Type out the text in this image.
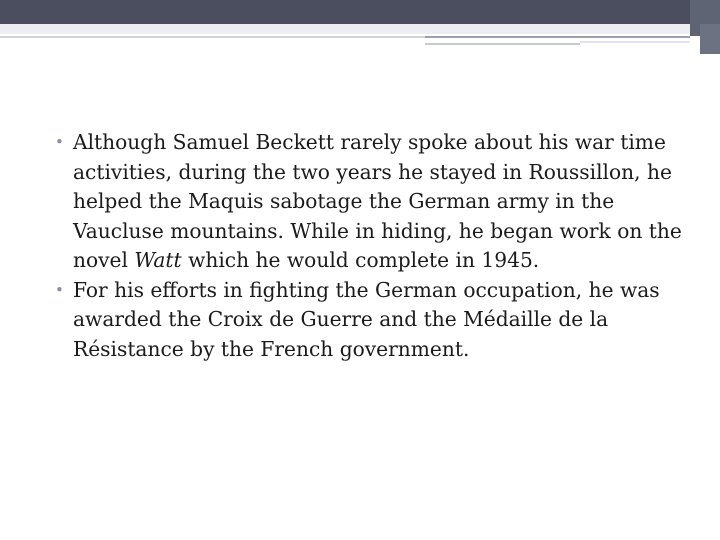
• Although Samuel Beckett rarely spoke about his war time activities, during the two years he stayed in Roussillon, he helped the Maquis sabotage the German army in the Vaucluse mountains. While in hiding, he began work on the novel Watt which he would complete in 1945.
• For his efforts in fighting the German occupation, he was awarded the Croix de Guerre and the Médaille de la Résistance by the French government.
